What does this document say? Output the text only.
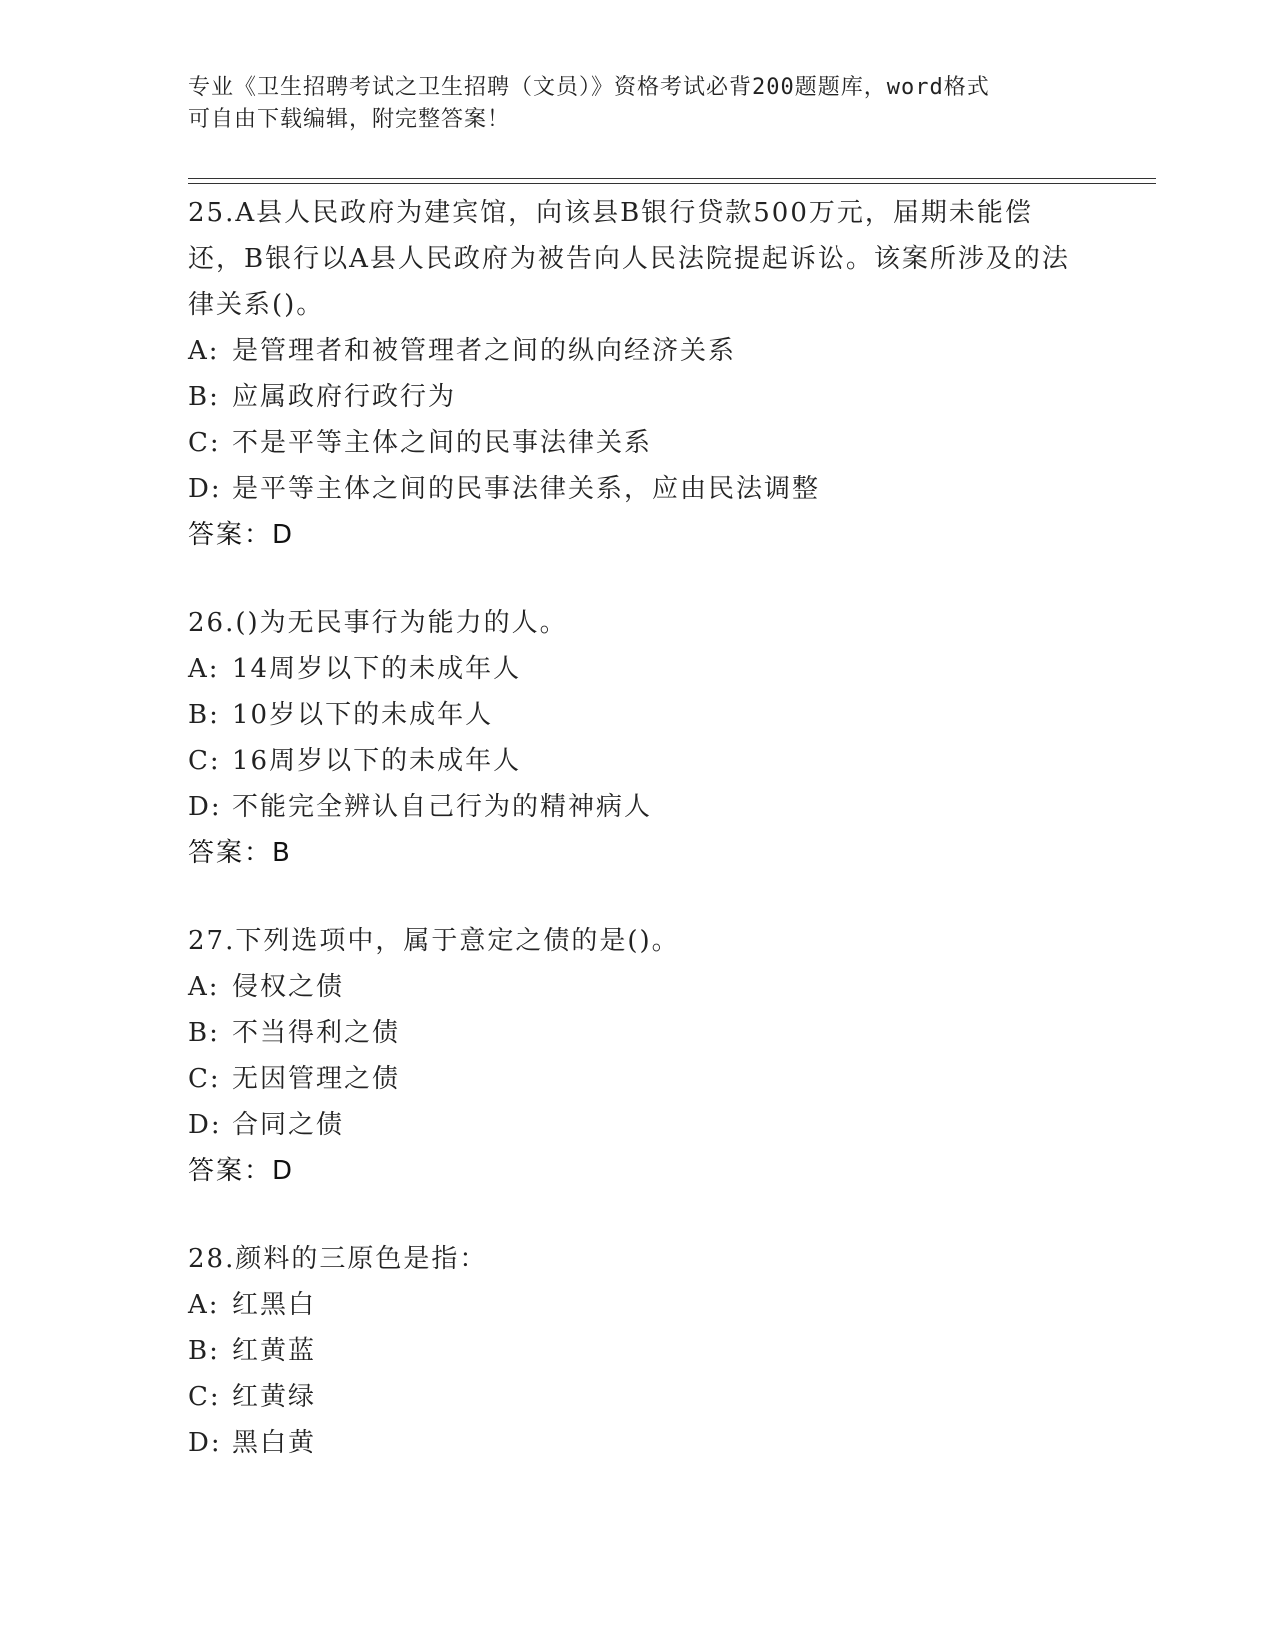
专业《卫生招聘考试之卫生招聘（文员）》资格考试必背200题题库，word格式
可自由下载编辑，附完整答案！

25.A县人民政府为建宾馆，向该县B银行贷款500万元，届期未能偿还，B银行以A县人民政府为被告向人民法院提起诉讼。该案所涉及的法律关系()。

A: 是管理者和被管理者之间的纵向经济关系

B: 应属政府行政行为

C: 不是平等主体之间的民事法律关系

D: 是平等主体之间的民事法律关系，应由民法调整

答案：D

26.()为无民事行为能力的人。

A: 14周岁以下的未成年人

B: 10岁以下的未成年人

C: 16周岁以下的未成年人

D: 不能完全辨认自己行为的精神病人

答案：B

27.下列选项中，属于意定之债的是()。

A: 侵权之债

B: 不当得利之债

C: 无因管理之债

D: 合同之债

答案：D

28.颜料的三原色是指：

A: 红黑白

B: 红黄蓝

C: 红黄绿

D: 黑白黄
